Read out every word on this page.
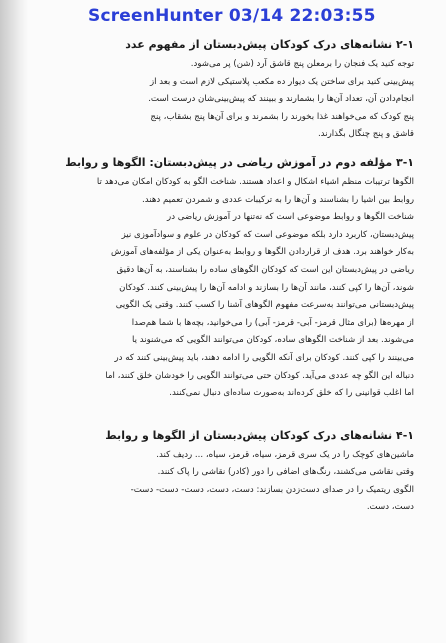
ScreenHunter 03/14 22:03:55
۲-۱ نشانه‌های درک کودکان پیش‌دبستان از مفهوم عدد
توجه کنید یک فنجان را برمعلن پنج قاشق آرد (شن) پر می‌شود.
پیش‌بینی کنید برای ساختن یک دیوار ده مکعب پلاستیکی لازم است و بعد از
انجام‌دادن آن، تعداد آن‌ها را بشمارند و ببینند که پیش‌بینی‌شان درست است.
پنج کودک که می‌خواهند غذا بخورند را بشمرند و برای آن‌ها پنج بشقاب، پنج
قاشق و پنج چنگال بگذارند.
۳-۱ مؤلفه دوم در آموزش ریاضی در پیش‌دبستان: الگوها و روابط
الگوها ترتیبات منظم اشیاء اشکال و اعداد هستند. شناخت الگو به کودکان امکان می‌دهد تا
روابط بین اشیا را بشناسند و آن‌ها را به ترکیبات عددی و شمردن تعمیم دهند.
شناخت الگوها و روابط موضوعی است که نه‌تنها در آموزش ریاضی در
پیش‌دبستان، کاربرد دارد بلکه موضوعی است که کودکان در علوم و سوادآموزی نیز
به‌کار خواهند برد. هدف از قراردادن الگوها و روابط به‌عنوان یکی از مؤلفه‌های آموزش
ریاضی در پیش‌دبستان این است که کودکان الگوهای ساده را بشناسند، به آن‌ها دقیق
شوند، آن‌ها را کپی کنند، مانند آن‌ها را بسازند و ادامه آن‌ها را پیش‌بینی کنند. کودکان
پیش‌دبستانی می‌توانند به‌سرعت مفهوم الگوهای آشنا را کسب کنند. وقتی یک الگویی
از مهره‌ها (برای مثال قرمز- آبی- قرمز- آبی) را می‌خوانید، بچه‌ها با شما هم‌صدا
می‌شوند. بعد از شناخت الگوهای ساده، کودکان می‌توانند الگویی که می‌شنوند یا
می‌بینند را کپی کنند. کودکان برای آنکه الگویی را ادامه دهند، باید پیش‌بینی کنند که در
دنباله این الگو چه عددی می‌آید. کودکان حتی می‌توانند الگویی را خودشان خلق کنند، اما
اما اغلب قوانینی را که خلق کرده‌اند به‌صورت ساده‌ای دنبال نمی‌کنند.
۴-۱ نشانه‌های درک کودکان پیش‌دبستان از الگوها و روابط
ماشین‌های کوچک را در یک سری قرمز، سیاه، قرمز، سیاه، ... ردیف کند.
وقتی نقاشی می‌کشند، رنگ‌های اضافی را دور (کادر) نقاشی را پاک کنند.
الگوی ریتمیک را در صدای دست‌زدن بسازند: دست، دست، دست- دست- دست-
دست، دست.
